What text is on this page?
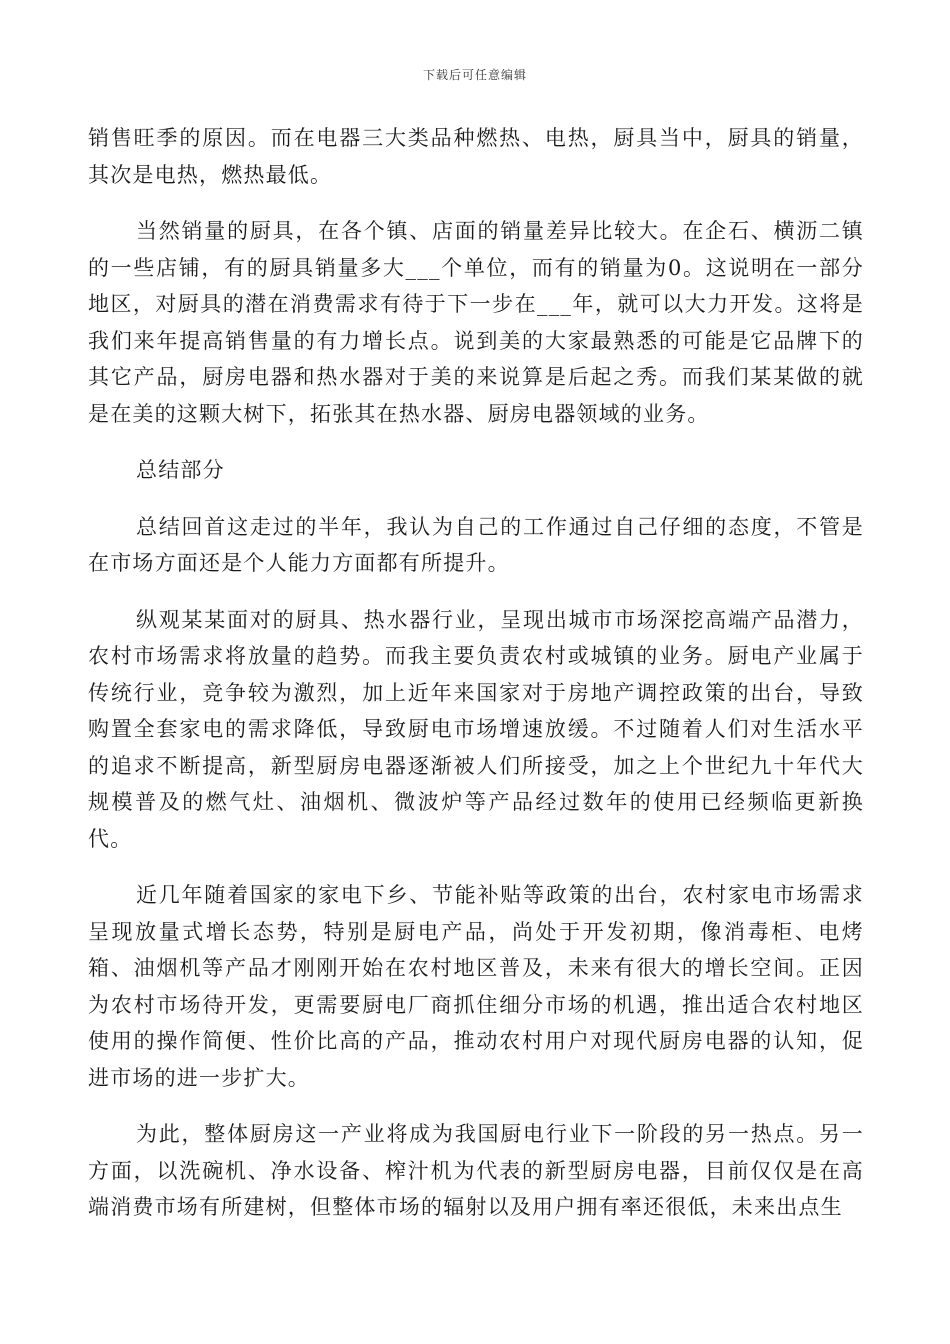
下载后可任意编辑

销售旺季的原因。而在电器三大类品种燃热、电热，厨具当中，厨具的销量，其次是电热，燃热最低。

当然销量的厨具，在各个镇、店面的销量差异比较大。在企石、横沥二镇的一些店铺，有的厨具销量多大___个单位，而有的销量为0。这说明在一部分地区，对厨具的潜在消费需求有待于下一步在___年，就可以大力开发。这将是我们来年提高销售量的有力增长点。说到美的大家最熟悉的可能是它品牌下的其它产品，厨房电器和热水器对于美的来说算是后起之秀。而我们某某做的就是在美的这颗大树下，拓张其在热水器、厨房电器领域的业务。

总结部分

总结回首这走过的半年，我认为自己的工作通过自己仔细的态度，不管是在市场方面还是个人能力方面都有所提升。

纵观某某面对的厨具、热水器行业，呈现出城市市场深挖高端产品潜力，农村市场需求将放量的趋势。而我主要负责农村或城镇的业务。厨电产业属于传统行业，竞争较为激烈，加上近年来国家对于房地产调控政策的出台，导致购置全套家电的需求降低，导致厨电市场增速放缓。不过随着人们对生活水平的追求不断提高，新型厨房电器逐渐被人们所接受，加之上个世纪九十年代大规模普及的燃气灶、油烟机、微波炉等产品经过数年的使用已经频临更新换代。

近几年随着国家的家电下乡、节能补贴等政策的出台，农村家电市场需求呈现放量式增长态势，特别是厨电产品，尚处于开发初期，像消毒柜、电烤箱、油烟机等产品才刚刚开始在农村地区普及，未来有很大的增长空间。正因为农村市场待开发，更需要厨电厂商抓住细分市场的机遇，推出适合农村地区使用的操作简便、性价比高的产品，推动农村用户对现代厨房电器的认知，促进市场的进一步扩大。

为此，整体厨房这一产业将成为我国厨电行业下一阶段的另一热点。另一方面，以洗碗机、净水设备、榨汁机为代表的新型厨房电器，目前仅仅是在高端消费市场有所建树，但整体市场的辐射以及用户拥有率还很低，未来出点生
